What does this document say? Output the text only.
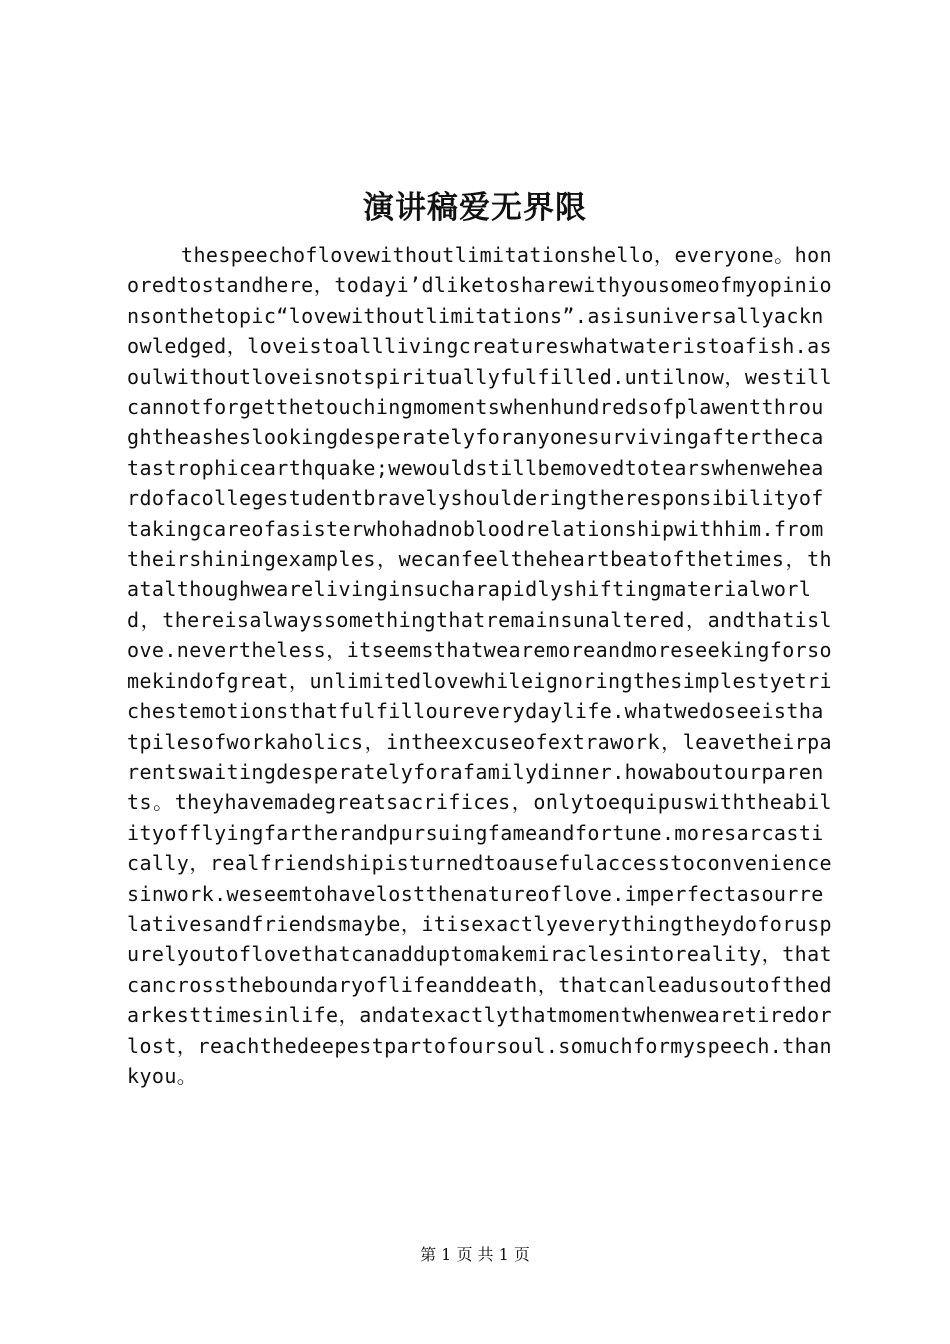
演讲稿爱无界限

thespeechoflovewithoutlimitationshello，everyone。honoredtostandhere，todayi’dliketosharewithyousomeofmyopinionsonthetopic“lovewithoutlimitations”.asisuniversallyacknowledged，loveistoalllivingcreatureswhatwateristoafish.asoulwithoutloveisnotspirituallyfulfilled.untilnow，westillcannotforgetthetouchingmomentswhenhundredsofplawentthroughtheasheslookingdesperatelyforanyonesurvivingafterthecatastrophicearthquake;wewouldstillbemovedtotearswhenweheardofacollegestudentbravelyshoulderingtheresponsibilityoftakingcareofasisterwhohadnobloodrelationshipwithhim.fromtheirshiningexamples，wecanfeeltheheartbeatofthetimes，thatalthoughwearelivinginsucharapidlyshiftingmaterialworld，thereisalwayssomethingthatremainsunaltered，andthatislove.nevertheless，itseemsthatwearemoreandmoreseekingforsomekindofgreat，unlimitedlovewhileignoringthesimplestyetrichestemotionsthatfulfilloureverydaylife.whatwedoseeisthatpilesofworkaholics，intheexcuseofextrawork，leavetheirparentswaitingdesperatelyforafamilydinner.howaboutourparents。theyhavemadegreatsacrifices，onlytoequipuswiththeabilityofflyingfartherandpursuingfameandfortune.moresarcastically，realfriendshipisturnedtoausefulaccesstoconveniencesinwork.weseemtohavelostthenatureoflove.imperfectasourrelativesandfriendsmaybe，itisexactlyeverythingtheydoforuspurelyoutoflovethatcanadduptomakemiraclesintoreality，thatcancrosstheboundaryoflifeanddeath，thatcanleadusoutofthedarkesttimesinlife，andatexactlythatmomentwhenwearetiredorlost，reachthedeepestpartofoursoul.somuchformyspeech.thankyou。

第 1 页 共 1 页
